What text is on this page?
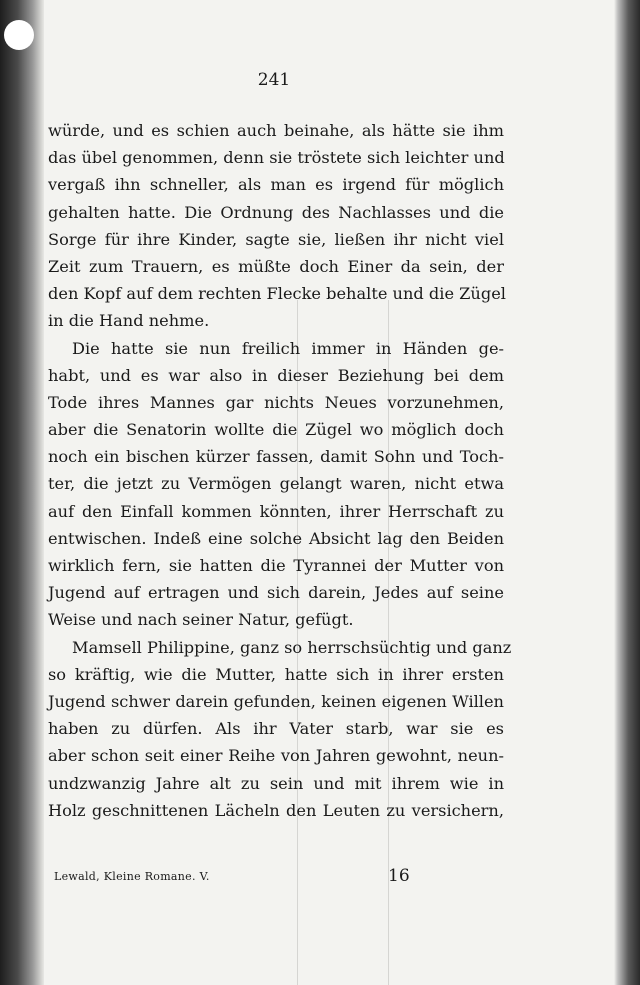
241
würde, und es schien auch beinahe, als hätte sie ihm
das übel genommen, denn sie tröstete sich leichter und
vergaß ihn schneller, als man es irgend für möglich
gehalten hatte. Die Ordnung des Nachlasses und die
Sorge für ihre Kinder, sagte sie, ließen ihr nicht viel
Zeit zum Trauern, es müßte doch Einer da sein, der
den Kopf auf dem rechten Flecke behalte und die Zügel
in die Hand nehme.
Die hatte sie nun freilich immer in Händen ge-
habt, und es war also in dieser Beziehung bei dem
Tode ihres Mannes gar nichts Neues vorzunehmen,
aber die Senatorin wollte die Zügel wo möglich doch
noch ein bischen kürzer fassen, damit Sohn und Toch-
ter, die jetzt zu Vermögen gelangt waren, nicht etwa
auf den Einfall kommen könnten, ihrer Herrschaft zu
entwischen. Indeß eine solche Absicht lag den Beiden
wirklich fern, sie hatten die Tyrannei der Mutter von
Jugend auf ertragen und sich darein, Jedes auf seine
Weise und nach seiner Natur, gefügt.
Mamsell Philippine, ganz so herrschsüchtig und ganz
so kräftig, wie die Mutter, hatte sich in ihrer ersten
Jugend schwer darein gefunden, keinen eigenen Willen
haben zu dürfen. Als ihr Vater starb, war sie es
aber schon seit einer Reihe von Jahren gewohnt, neun-
undzwanzig Jahre alt zu sein und mit ihrem wie in
Holz geschnittenen Lächeln den Leuten zu versichern,
Lewald, Kleine Romane. V.	16
